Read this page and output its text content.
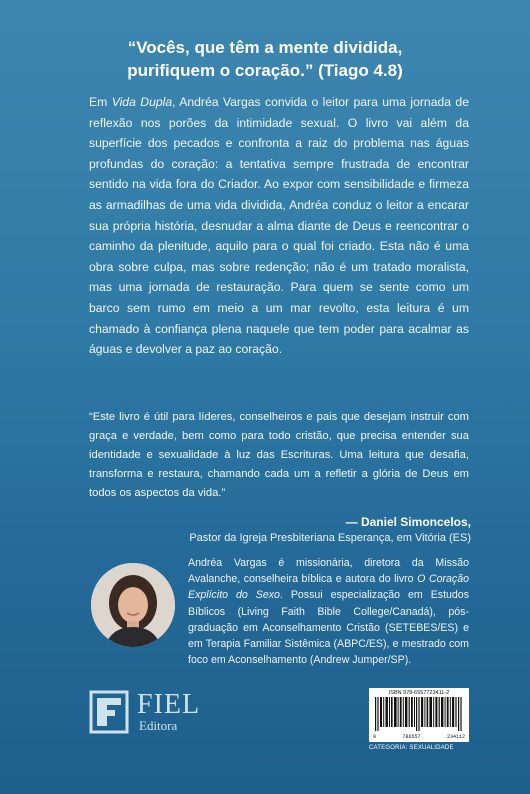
“Vocês, que têm a mente dividida,
purifiquem o coração.” (Tiago 4.8)

Em Vida Dupla, Andréa Vargas convida o leitor para uma jornada de reflexão nos porões da intimidade sexual. O livro vai além da superfície dos pecados e confronta a raiz do problema nas águas profundas do coração: a tentativa sempre frustrada de encontrar sentido na vida fora do Criador. Ao expor com sensibilidade e firmeza as armadilhas de uma vida dividida, Andréa conduz o leitor a encarar sua própria história, desnudar a alma diante de Deus e reencontrar o caminho da plenitude, aquilo para o qual foi criado. Esta não é uma obra sobre culpa, mas sobre redenção; não é um tratado moralista, mas uma jornada de restauração. Para quem se sente como um barco sem rumo em meio a um mar revolto, esta leitura é um chamado à confiança plena naquele que tem poder para acalmar as águas e devolver a paz ao coração.

“Este livro é útil para líderes, conselheiros e pais que desejam instruir com graça e verdade, bem como para todo cristão, que precisa entender sua identidade e sexualidade à luz das Escrituras. Uma leitura que desafia, transforma e restaura, chamando cada um a refletir a glória de Deus em todos os aspectos da vida.”

— Daniel Simoncelos,
Pastor da Igreja Presbiteriana Esperança, em Vitória (ES)

Andréa Vargas é missionária, diretora da Missão Avalanche, conselheira bíblica e autora do livro O Coração Explícito do Sexo. Possui especialização em Estudos Bíblicos (Living Faith Bible College/Canadá), pós-graduação em Aconselhamento Cristão (SETEBES/ES) e em Terapia Familiar Sistêmica (ABPC/ES), e mestrado com foco em Aconselhamento (Andrew Jumper/SP).

FIEL
Editora
ISBN 978-6557723411-2
9	786557	234112
CATEGORIA: SEXUALIDADE
